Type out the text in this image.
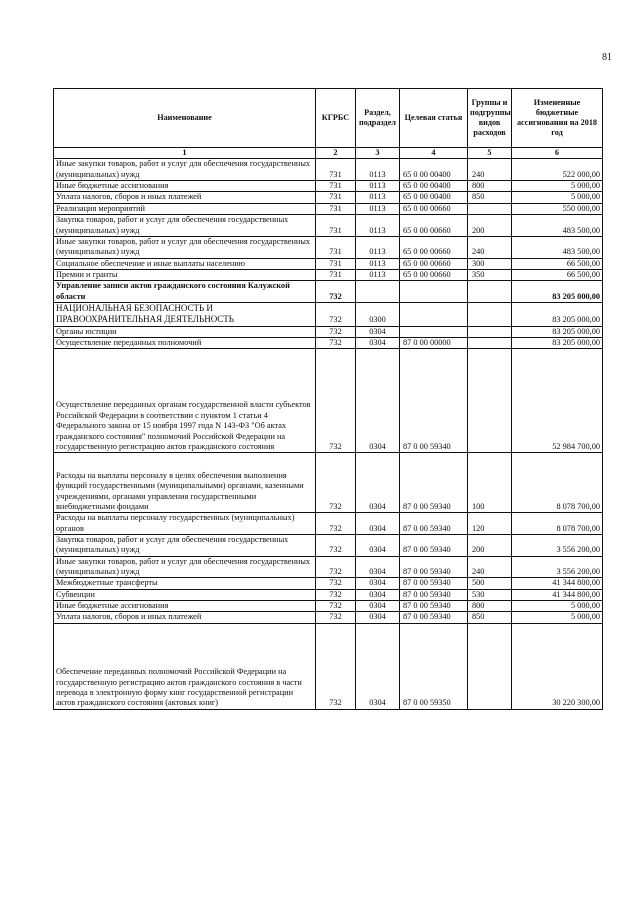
81
Наименование	КГРБС	Раздел, подраздел	Целевая статья	Группы и подгруппы видов расходов	Измененные бюджетные ассигнования на 2018 год
1	2	3	4	5	6
Иные закупки товаров, работ и услуг для обеспечения государственных (муниципальных) нужд	731	0113	65 0 00 00400	240	522 000,00
Иные бюджетные ассигнования	731	0113	65 0 00 00400	800	5 000,00
Уплата налогов, сборов и иных платежей	731	0113	65 0 00 00400	850	5 000,00
Реализация мероприятий	731	0113	65 0 00 00660		550 000,00
Закупка товаров, работ и услуг для обеспечения государственных (муниципальных) нужд	731	0113	65 0 00 00660	200	483 500,00
Иные закупки товаров, работ и услуг для обеспечения государственных (муниципальных) нужд	731	0113	65 0 00 00660	240	483 500,00
Социальное обеспечение и иные выплаты населению	731	0113	65 0 00 00660	300	66 500,00
Премии и гранты	731	0113	65 0 00 00660	350	66 500,00
Управление записи актов гражданского состояния Калужской области	732				83 205 000,00
НАЦИОНАЛЬНАЯ БЕЗОПАСНОСТЬ И ПРАВООХРАНИТЕЛЬНАЯ ДЕЯТЕЛЬНОСТЬ	732	0300			83 205 000,00
Органы юстиции	732	0304			83 205 000,00
Осуществление переданных полномочий	732	0304	87 0 00 00000		83 205 000,00
Осуществление переданных органам государственной власти субъектов Российской Федерации в соответствии с пунктом 1 статьи 4 Федерального закона от 15 ноября 1997 года N 143-ФЗ "Об актах гражданского состояния" полномочий Российской Федерации на государственную регистрацию актов гражданского состояния	732	0304	87 0 00 59340		52 984 700,00
Расходы на выплаты персоналу в целях обеспечения выполнения функций государственными (муниципальными) органами, казенными учреждениями, органами управления государственными внебюджетными фондами	732	0304	87 0 00 59340	100	8 078 700,00
Расходы на выплаты персоналу государственных (муниципальных) органов	732	0304	87 0 00 59340	120	8 078 700,00
Закупка товаров, работ и услуг для обеспечения государственных (муниципальных) нужд	732	0304	87 0 00 59340	200	3 556 200,00
Иные закупки товаров, работ и услуг для обеспечения государственных (муниципальных) нужд	732	0304	87 0 00 59340	240	3 556 200,00
Межбюджетные трансферты	732	0304	87 0 00 59340	500	41 344 800,00
Субвенции	732	0304	87 0 00 59340	530	41 344 800,00
Иные бюджетные ассигнования	732	0304	87 0 00 59340	800	5 000,00
Уплата налогов, сборов и иных платежей	732	0304	87 0 00 59340	850	5 000,00
Обеспечение переданных полномочий Российской Федерации на государственную регистрацию актов гражданского состояния в части перевода в электронную форму книг государственной регистрации актов гражданского состояния (актовых книг)	732	0304	87 0 00 59350		30 220 300,00
